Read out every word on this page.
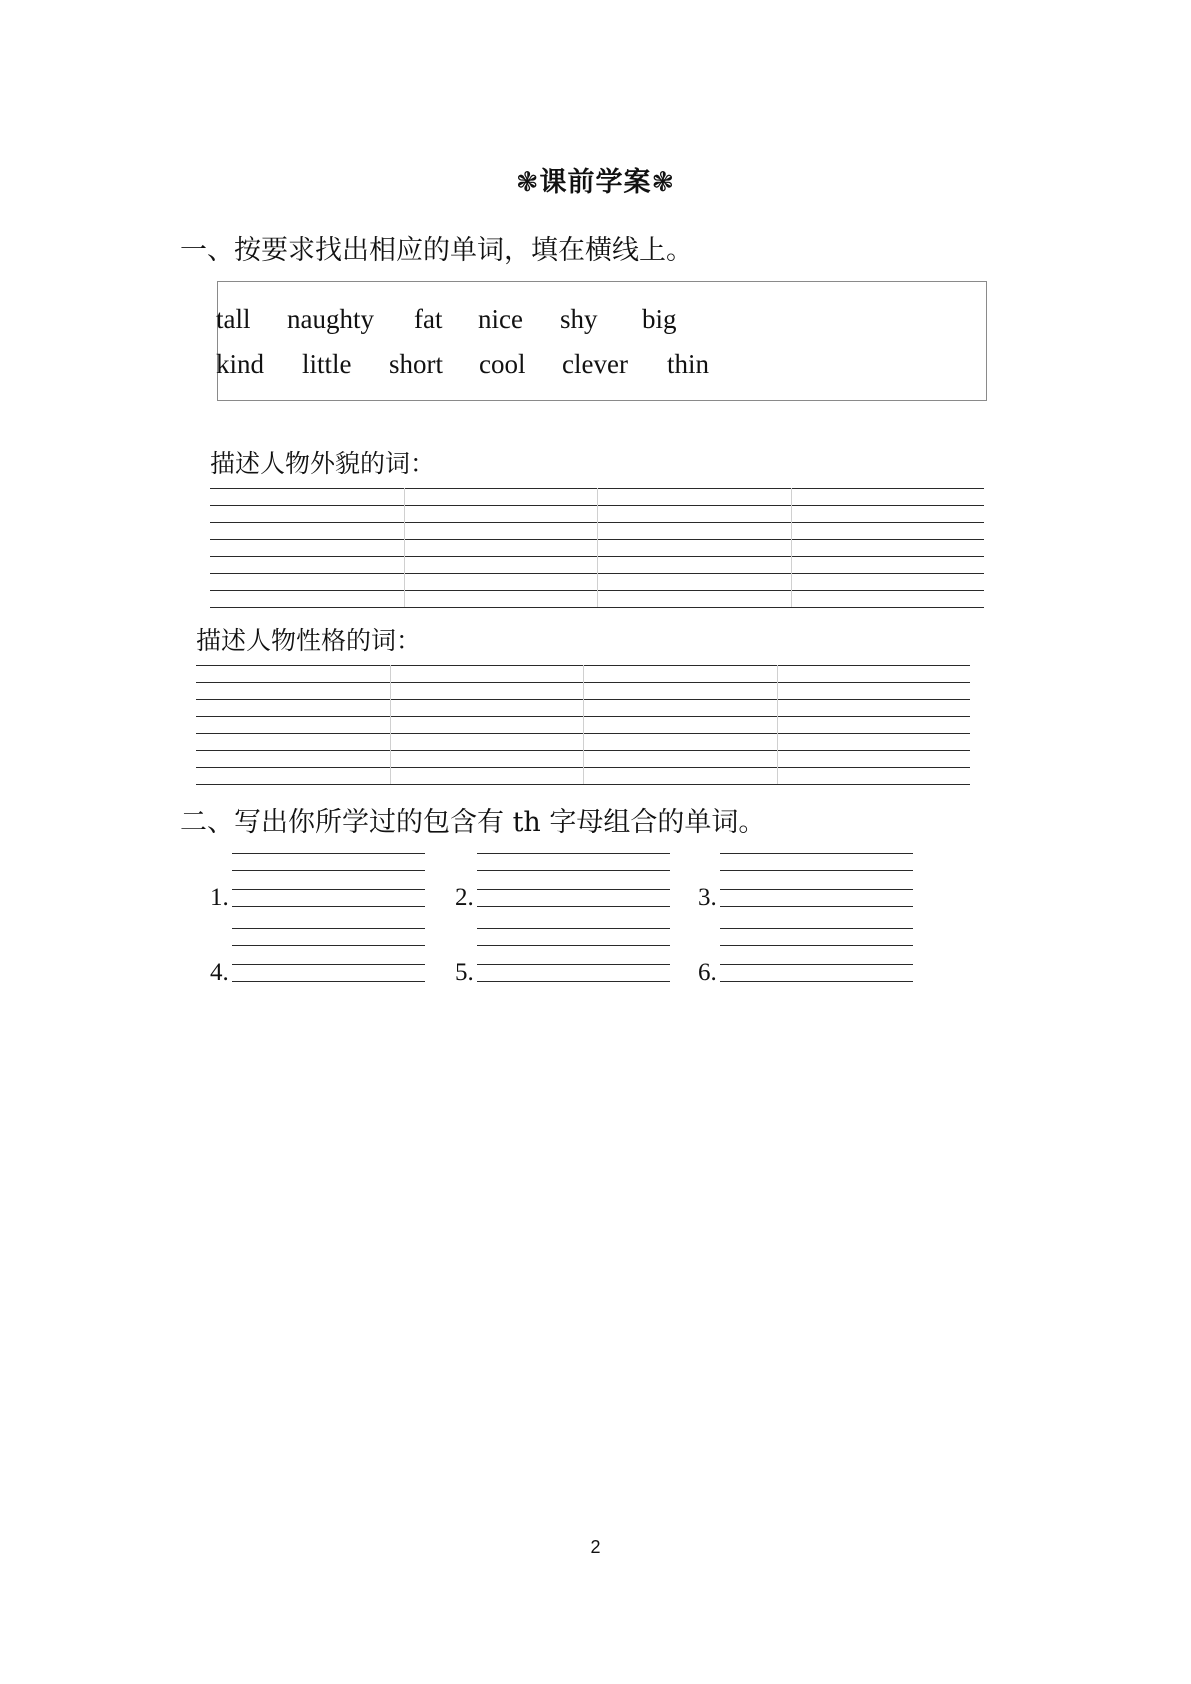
❃课前学案❃
一、按要求找出相应的单词，填在横线上。
tall naughty fat nice shy big
kind little short cool clever thin
描述人物外貌的词：
描述人物性格的词：
二、写出你所学过的包含有 th 字母组合的单词。
1.	2.	3.
4.	5.	6.
2
